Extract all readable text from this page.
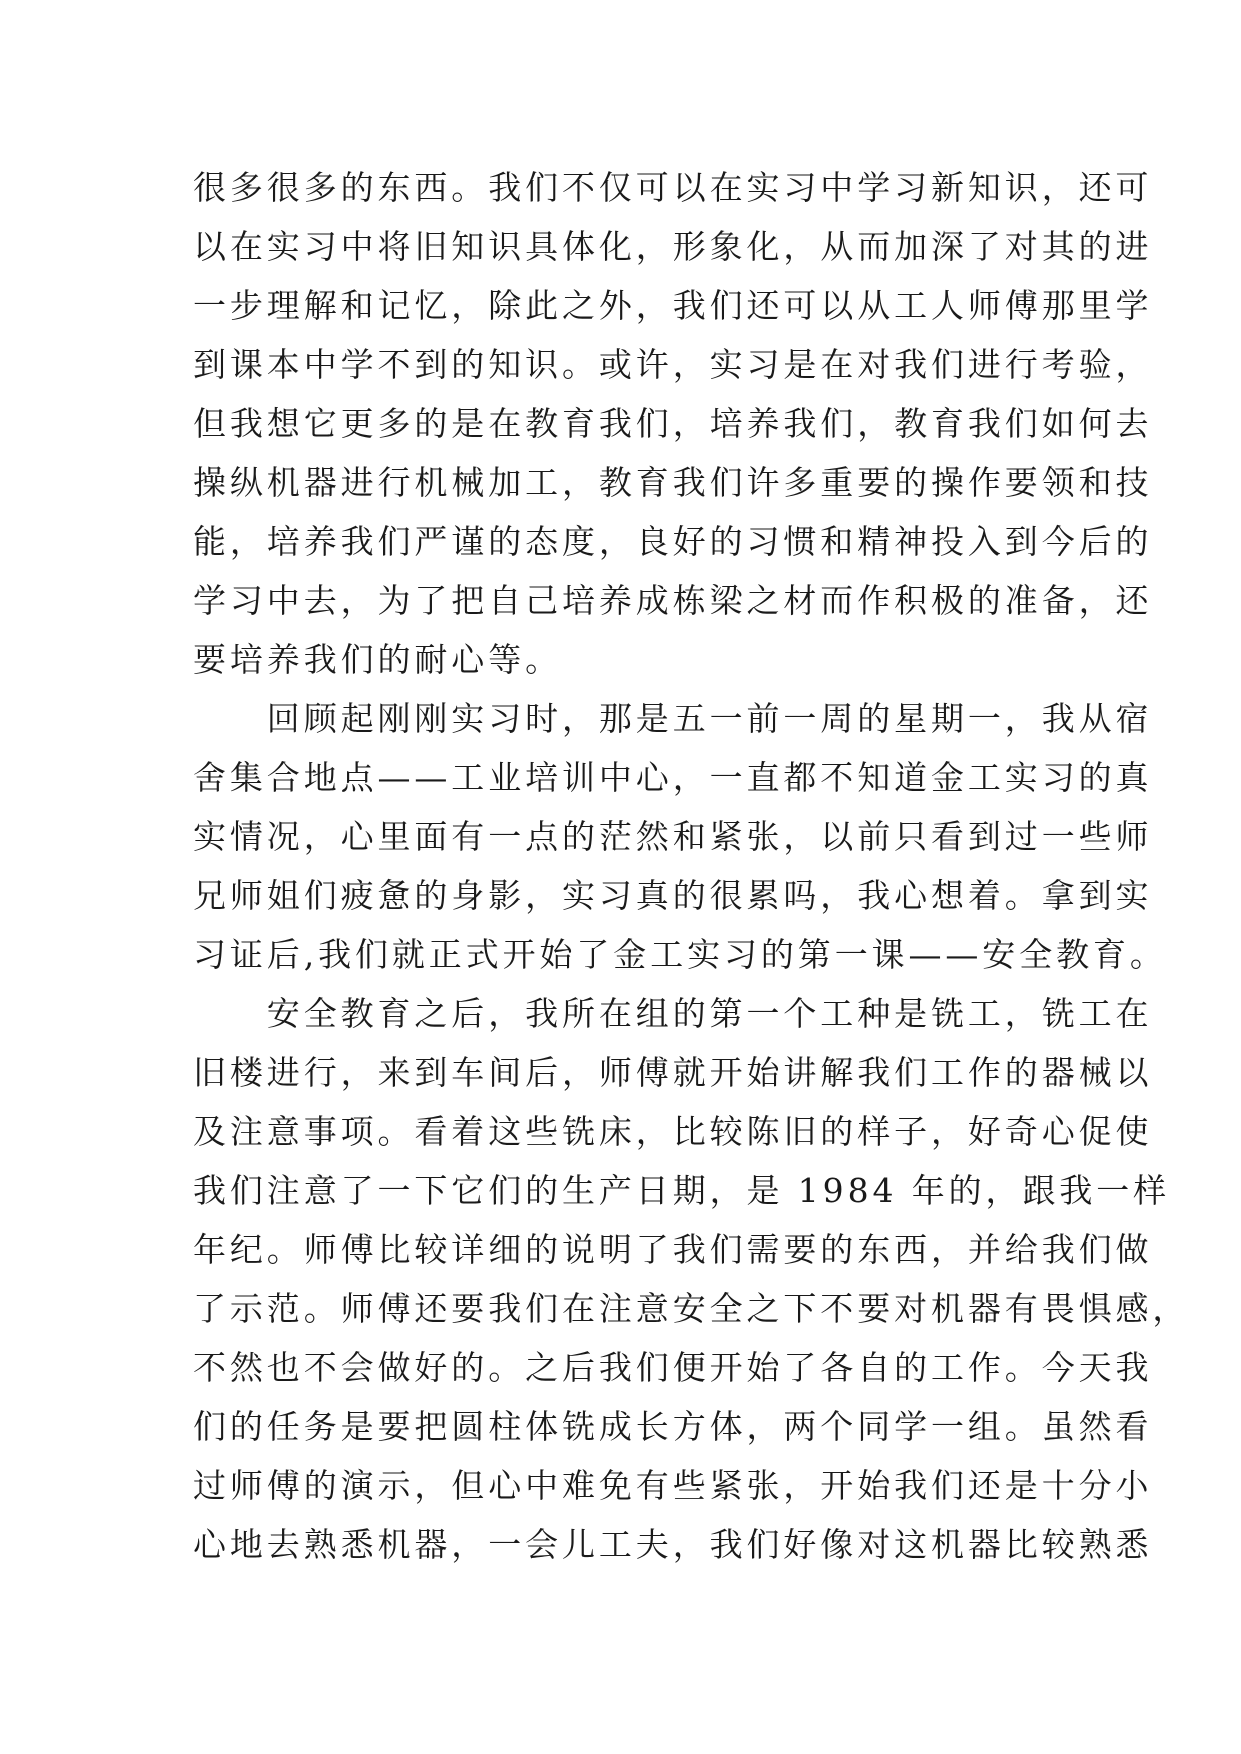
很多很多的东西。我们不仅可以在实习中学习新知识，还可

以在实习中将旧知识具体化，形象化，从而加深了对其的进

一步理解和记忆，除此之外，我们还可以从工人师傅那里学

到课本中学不到的知识。或许，实习是在对我们进行考验，

但我想它更多的是在教育我们，培养我们，教育我们如何去

操纵机器进行机械加工，教育我们许多重要的操作要领和技

能，培养我们严谨的态度，良好的习惯和精神投入到今后的

学习中去，为了把自己培养成栋梁之材而作积极的准备，还

要培养我们的耐心等。

　　回顾起刚刚实习时，那是五一前一周的星期一，我从宿

舍集合地点——工业培训中心，一直都不知道金工实习的真

实情况，心里面有一点的茫然和紧张，以前只看到过一些师

兄师姐们疲惫的身影，实习真的很累吗，我心想着。拿到实

习证后,我们就正式开始了金工实习的第一课——安全教育。

　　安全教育之后，我所在组的第一个工种是铣工，铣工在

旧楼进行，来到车间后，师傅就开始讲解我们工作的器械以

及注意事项。看着这些铣床，比较陈旧的样子，好奇心促使

我们注意了一下它们的生产日期，是 1984 年的，跟我一样

年纪。师傅比较详细的说明了我们需要的东西，并给我们做

了示范。师傅还要我们在注意安全之下不要对机器有畏惧感，

不然也不会做好的。之后我们便开始了各自的工作。今天我

们的任务是要把圆柱体铣成长方体，两个同学一组。虽然看

过师傅的演示，但心中难免有些紧张，开始我们还是十分小

心地去熟悉机器，一会儿工夫，我们好像对这机器比较熟悉
